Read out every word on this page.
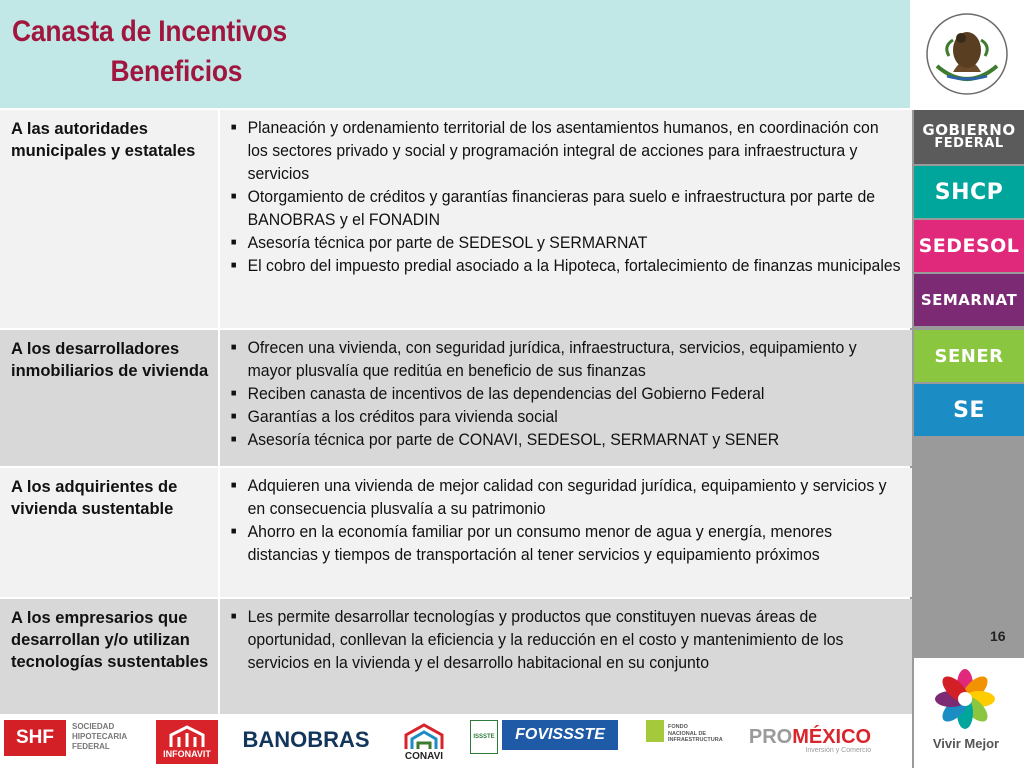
Canasta de Incentivos
Beneficios
GOBIERNO
FEDERAL
SHCP
SEDESOL
SEMARNAT
SENER
SE
16
Vivir Mejor
A las autoridades municipales y estatales
■ Planeación y ordenamiento territorial de los asentamientos humanos, en coordinación con los sectores privado y social y programación integral de acciones para infraestructura y servicios
■ Otorgamiento de créditos y garantías financieras para suelo e infraestructura por parte de BANOBRAS y el FONADIN
■ Asesoría técnica por parte de SEDESOL y SERMARNAT
■ El cobro del impuesto predial asociado a la Hipoteca, fortalecimiento de finanzas municipales
A los desarrolladores inmobiliarios de vivienda
■ Ofrecen una vivienda, con seguridad jurídica, infraestructura, servicios, equipamiento y mayor plusvalía que reditúa en beneficio de sus finanzas
■ Reciben canasta de incentivos de las dependencias del Gobierno Federal
■ Garantías a los créditos para vivienda social
■ Asesoría técnica por parte de CONAVI, SEDESOL, SERMARNAT y SENER
A los adquirientes de vivienda sustentable
■ Adquieren una vivienda de mejor calidad con seguridad jurídica, equipamiento y servicios y en consecuencia plusvalía a su patrimonio
■ Ahorro en la economía familiar por un consumo menor de agua y energía, menores distancias y tiempos de transportación al tener servicios y equipamiento próximos
A los empresarios que desarrollan y/o utilizan tecnologías sustentables
■ Les permite desarrollar tecnologías y productos que constituyen nuevas áreas de oportunidad, conllevan la eficiencia y la reducción en el costo y mantenimiento de los servicios en la vivienda y el desarrollo habitacional en su conjunto
SHF
SOCIEDAD
HIPOTECARIA
FEDERAL
INFONAVIT
BANOBRAS
CONAVI
ISSSTE	FOVISSSTE	FONDO
NACIONAL DE
INFRAESTRUCTURA PROMÉXICO
Inversión y Comercio
